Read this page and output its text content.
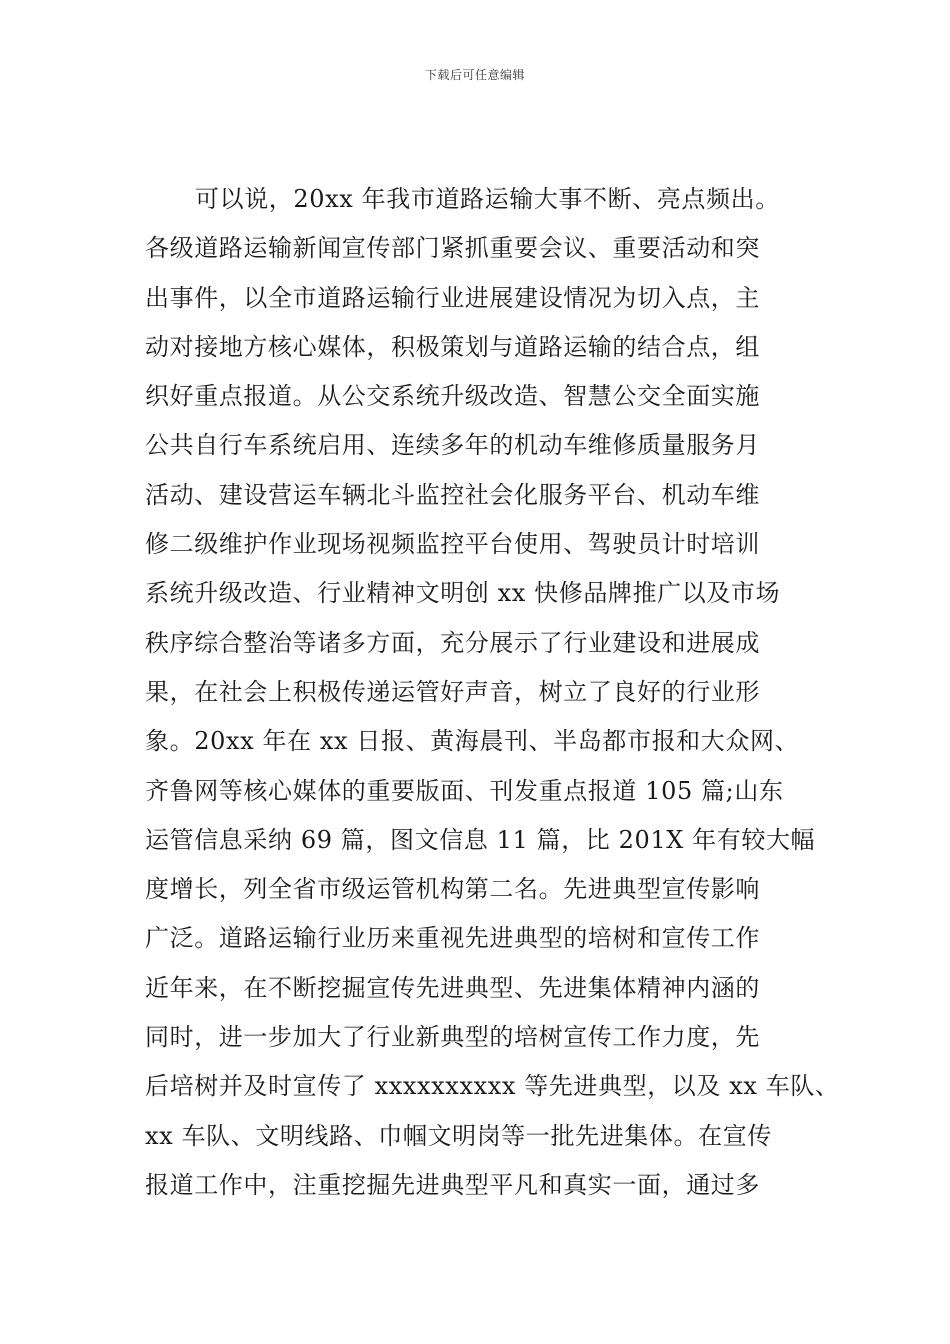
下载后可任意编辑
可以说，20xx 年我市道路运输大事不断、亮点频出。
各级道路运输新闻宣传部门紧抓重要会议、重要活动和突
出事件，以全市道路运输行业进展建设情况为切入点，主
动对接地方核心媒体，积极策划与道路运输的结合点，组
织好重点报道。从公交系统升级改造、智慧公交全面实施
公共自行车系统启用、连续多年的机动车维修质量服务月
活动、建设营运车辆北斗监控社会化服务平台、机动车维
修二级维护作业现场视频监控平台使用、驾驶员计时培训
系统升级改造、行业精神文明创 xx 快修品牌推广以及市场
秩序综合整治等诸多方面，充分展示了行业建设和进展成
果，在社会上积极传递运管好声音，树立了良好的行业形
象。20xx 年在 xx 日报、黄海晨刊、半岛都市报和大众网、
齐鲁网等核心媒体的重要版面、刊发重点报道 105 篇;山东
运管信息采纳 69 篇，图文信息 11 篇，比 201X 年有较大幅
度增长，列全省市级运管机构第二名。先进典型宣传影响
广泛。道路运输行业历来重视先进典型的培树和宣传工作
近年来，在不断挖掘宣传先进典型、先进集体精神内涵的
同时，进一步加大了行业新典型的培树宣传工作力度，先
后培树并及时宣传了 xxxxxxxxxx 等先进典型，以及 xx 车队、
xx 车队、文明线路、巾帼文明岗等一批先进集体。在宣传
报道工作中，注重挖掘先进典型平凡和真实一面，通过多
